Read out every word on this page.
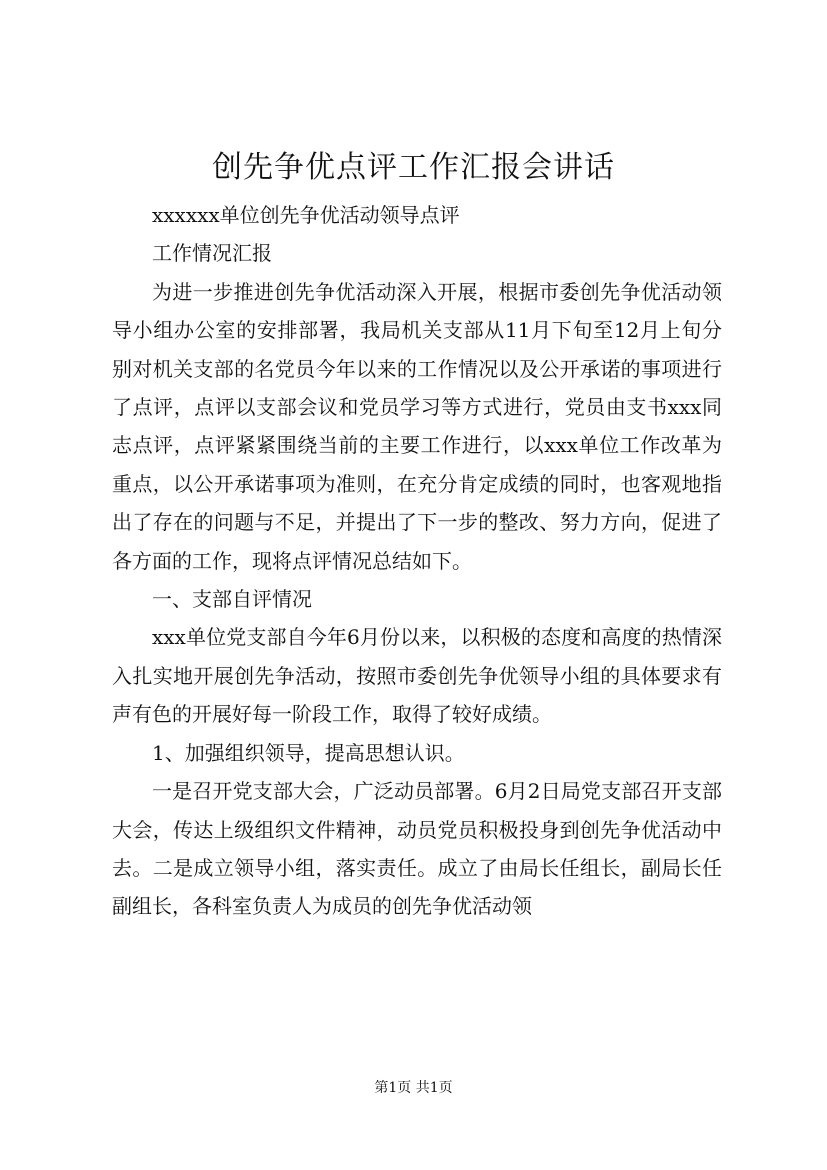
创先争优点评工作汇报会讲话

xxxxxx单位创先争优活动领导点评

工作情况汇报

为进一步推进创先争优活动深入开展，根据市委创先争优活动领导小组办公室的安排部署，我局机关支部从11月下旬至12月上旬分别对机关支部的名党员今年以来的工作情况以及公开承诺的事项进行了点评，点评以支部会议和党员学习等方式进行，党员由支书xxx同志点评，点评紧紧围绕当前的主要工作进行，以xxx单位工作改革为重点，以公开承诺事项为准则，在充分肯定成绩的同时，也客观地指出了存在的问题与不足，并提出了下一步的整改、努力方向，促进了各方面的工作，现将点评情况总结如下。

一、支部自评情况

xxx单位党支部自今年6月份以来，以积极的态度和高度的热情深入扎实地开展创先争活动，按照市委创先争优领导小组的具体要求有声有色的开展好每一阶段工作，取得了较好成绩。

1、加强组织领导，提高思想认识。

一是召开党支部大会，广泛动员部署。6月2日局党支部召开支部大会，传达上级组织文件精神，动员党员积极投身到创先争优活动中去。二是成立领导小组，落实责任。成立了由局长任组长，副局长任副组长，各科室负责人为成员的创先争优活动领

第1页 共1页
